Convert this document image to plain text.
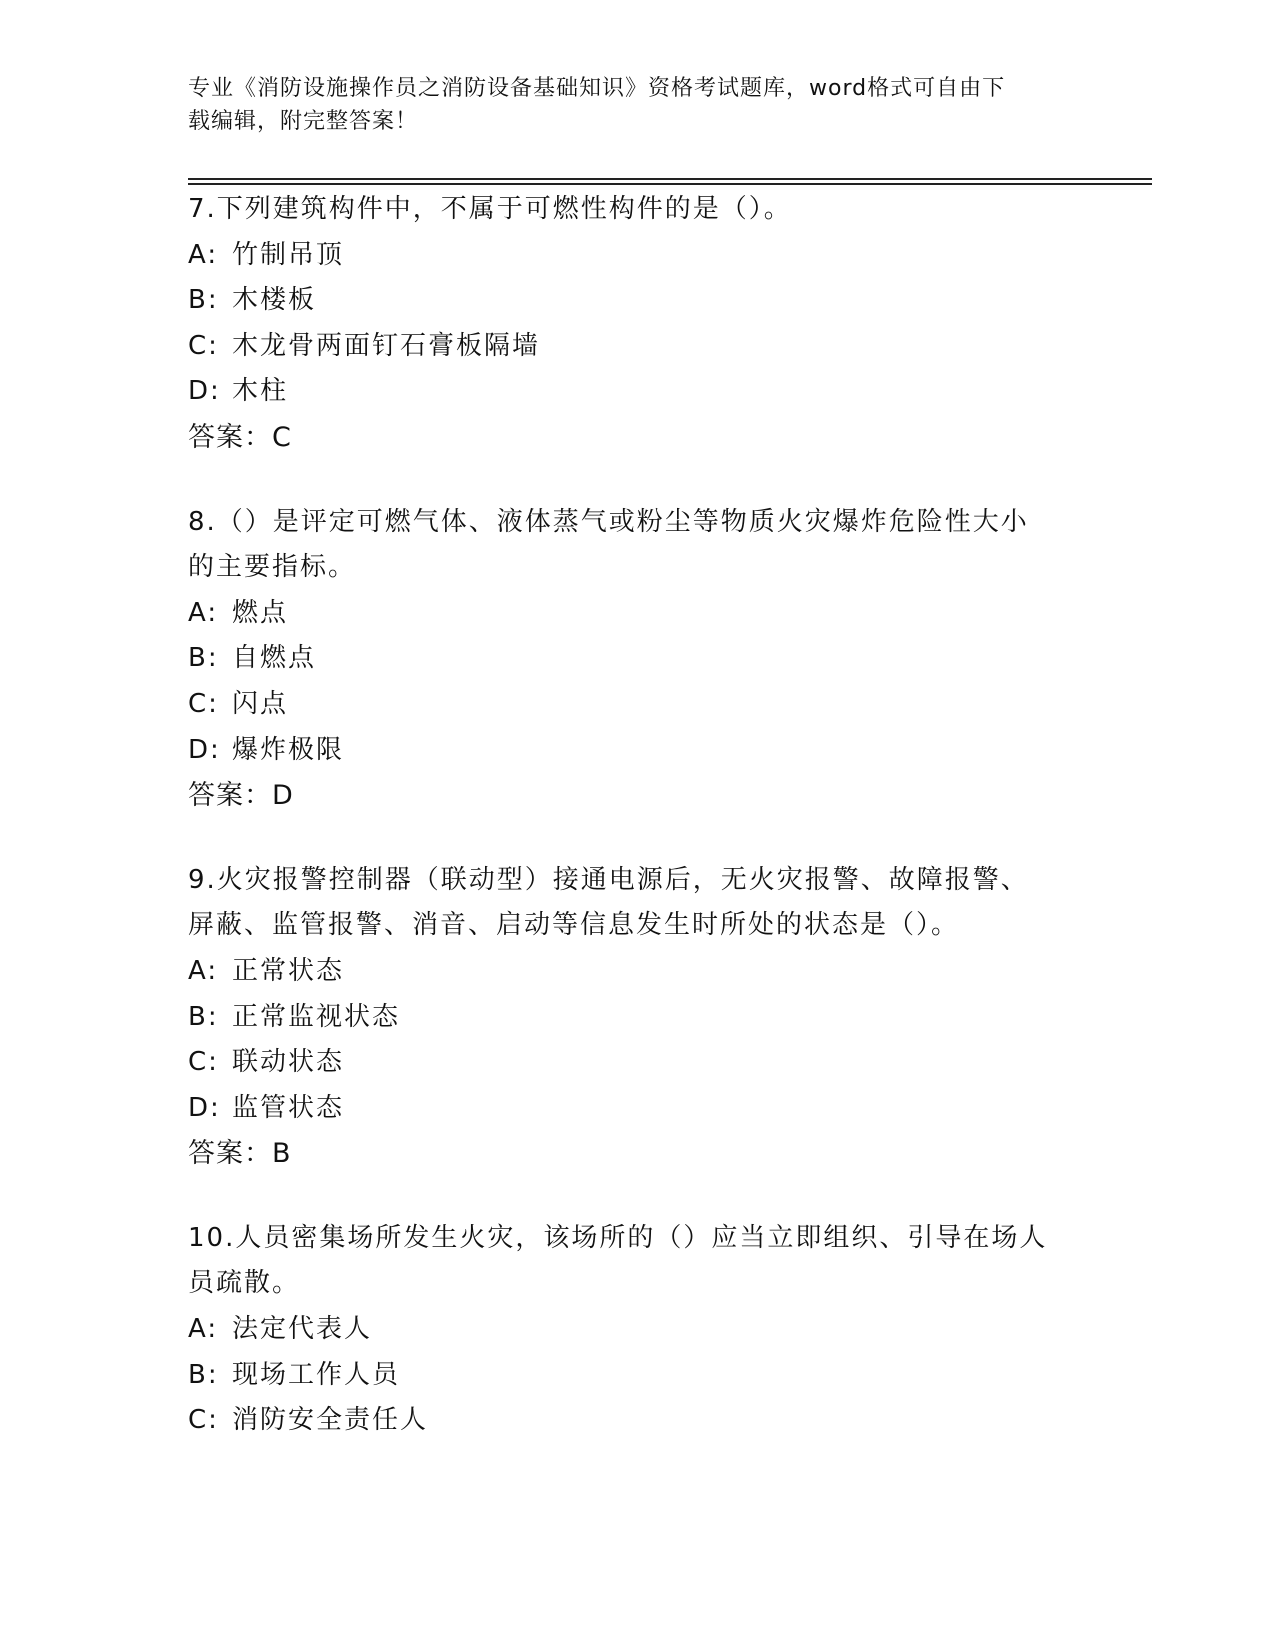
专业《消防设施操作员之消防设备基础知识》资格考试题库，word格式可自由下
载编辑，附完整答案！
7.下列建筑构件中，不属于可燃性构件的是（）。
A: 竹制吊顶
B: 木楼板
C: 木龙骨两面钉石膏板隔墙
D: 木柱
答案：C
8.（）是评定可燃气体、液体蒸气或粉尘等物质火灾爆炸危险性大小
的主要指标。
A: 燃点
B: 自燃点
C: 闪点
D: 爆炸极限
答案：D
9.火灾报警控制器（联动型）接通电源后，无火灾报警、故障报警、
屏蔽、监管报警、消音、启动等信息发生时所处的状态是（）。
A: 正常状态
B: 正常监视状态
C: 联动状态
D: 监管状态
答案：B
10.人员密集场所发生火灾，该场所的（）应当立即组织、引导在场人
员疏散。
A: 法定代表人
B: 现场工作人员
C: 消防安全责任人
